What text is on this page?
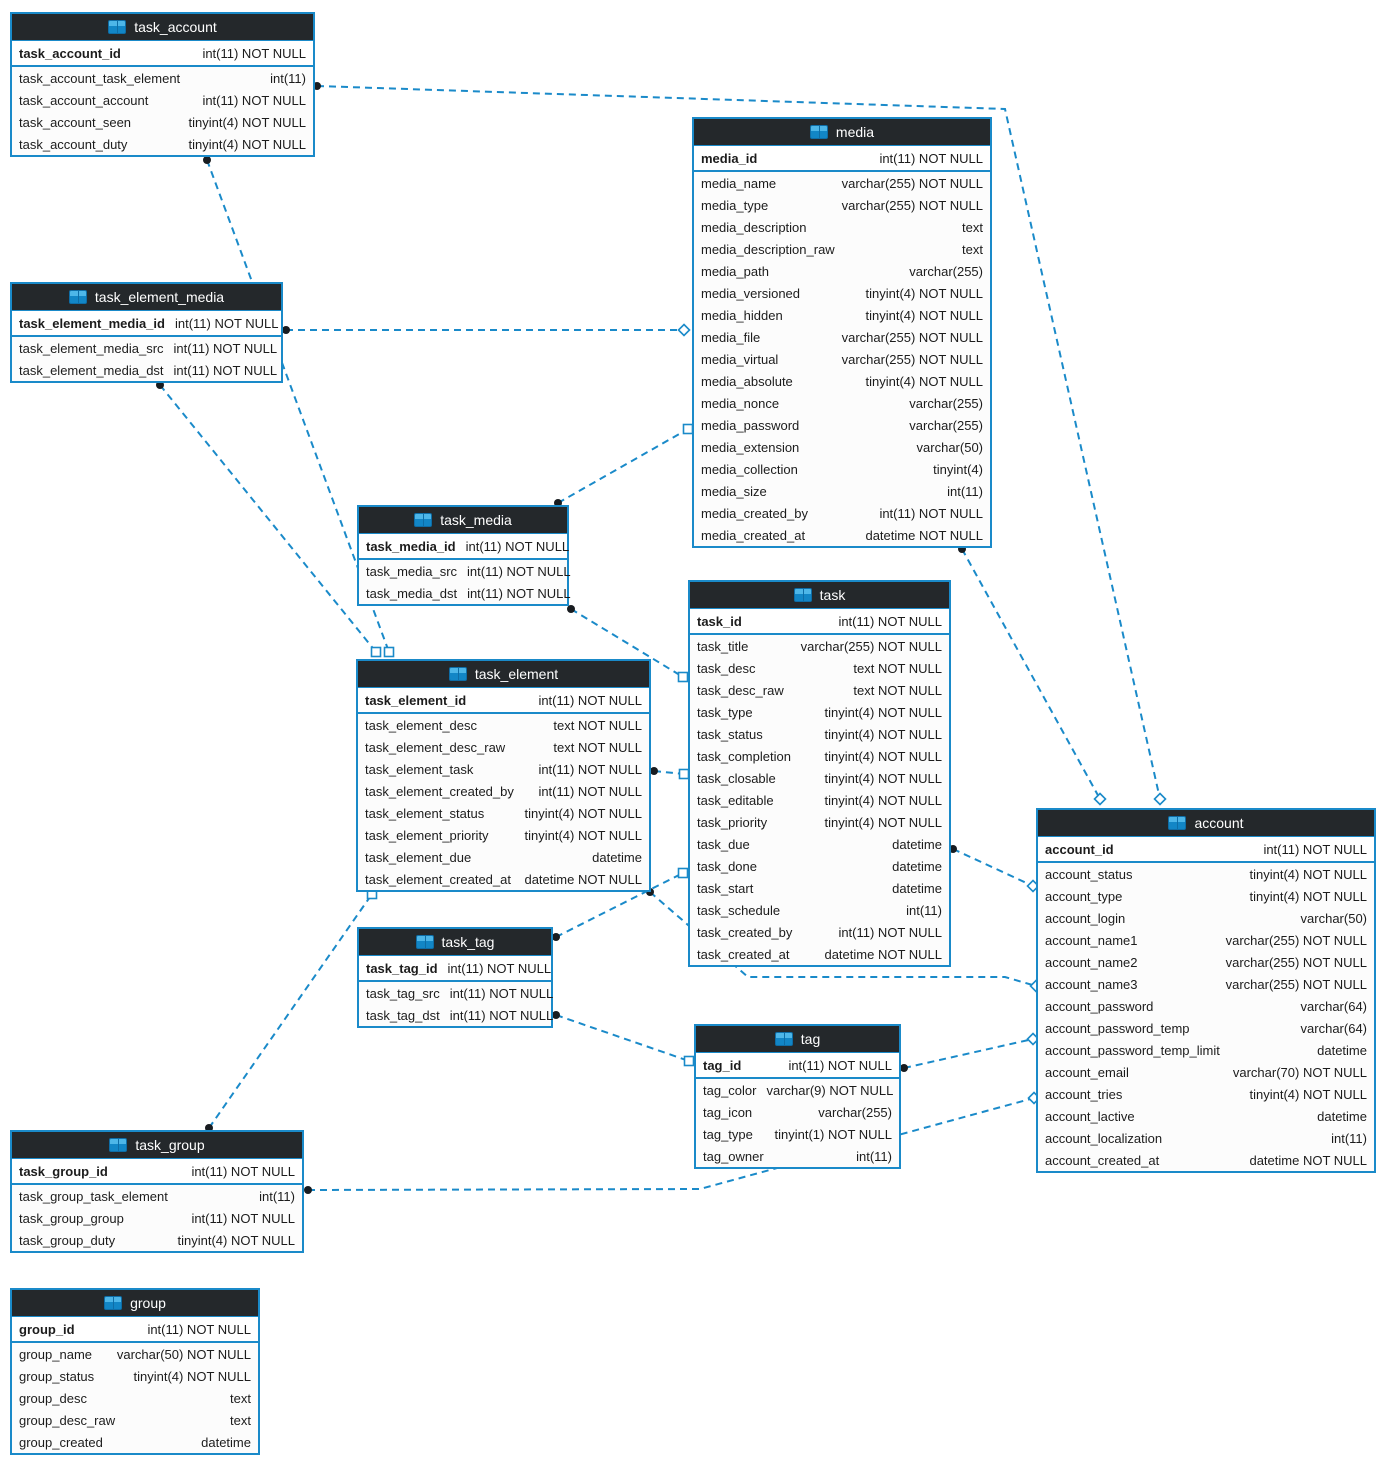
task_account
task_account_id	int(11) NOT NULL
task_account_task_element	int(11)
task_account_account	int(11) NOT NULL
task_account_seen	tinyint(4) NOT NULL
task_account_duty	tinyint(4) NOT NULL
task_element_media
task_element_media_id int(11) NOT NULL
task_element_media_src int(11) NOT NULL
task_element_media_dst int(11) NOT NULL
media
media_id	int(11) NOT NULL
media_name	varchar(255) NOT NULL
media_type	varchar(255) NOT NULL
media_description	text
media_description_raw	text
media_path	varchar(255)
media_versioned	tinyint(4) NOT NULL
media_hidden	tinyint(4) NOT NULL
media_file	varchar(255) NOT NULL
media_virtual	varchar(255) NOT NULL
media_absolute	tinyint(4) NOT NULL
media_nonce	varchar(255)
media_password	varchar(255)
media_extension	varchar(50)
media_collection	tinyint(4)
media_size	int(11)
media_created_by	int(11) NOT NULL
media_created_at	datetime NOT NULL
task_media
task_media_id int(11) NOT NULL
task_media_src int(11) NOT NULL
task_media_dst int(11) NOT NULL
task_element
task_element_id	int(11) NOT NULL
task_element_desc	text NOT NULL
task_element_desc_raw	text NOT NULL
task_element_task	int(11) NOT NULL
task_element_created_by	int(11) NOT NULL
task_element_status	tinyint(4) NOT NULL
task_element_priority	tinyint(4) NOT NULL
task_element_due	datetime
task_element_created_at datetime NOT NULL
task
task_id	int(11) NOT NULL
task_title	varchar(255) NOT NULL
task_desc	text NOT NULL
task_desc_raw	text NOT NULL
task_type	tinyint(4) NOT NULL
task_status	tinyint(4) NOT NULL
task_completion	tinyint(4) NOT NULL
task_closable	tinyint(4) NOT NULL
task_editable	tinyint(4) NOT NULL
task_priority	tinyint(4) NOT NULL
task_due	datetime
task_done	datetime
task_start	datetime
task_schedule	int(11)
task_created_by	int(11) NOT NULL
task_created_at	datetime NOT NULL
task_tag
task_tag_id int(11) NOT NULL
task_tag_src int(11) NOT NULL
task_tag_dst int(11) NOT NULL
tag
tag_id	int(11) NOT NULL
tag_color varchar(9) NOT NULL
tag_icon	varchar(255)
tag_type	tinyint(1) NOT NULL
tag_owner	int(11)
account
account_id	int(11) NOT NULL
account_status	tinyint(4) NOT NULL
account_type	tinyint(4) NOT NULL
account_login	varchar(50)
account_name1	varchar(255) NOT NULL
account_name2	varchar(255) NOT NULL
account_name3	varchar(255) NOT NULL
account_password	varchar(64)
account_password_temp	varchar(64)
account_password_temp_limit	datetime
account_email	varchar(70) NOT NULL
account_tries	tinyint(4) NOT NULL
account_lactive	datetime
account_localization	int(11)
account_created_at	datetime NOT NULL
task_group
task_group_id	int(11) NOT NULL
task_group_task_element	int(11)
task_group_group	int(11) NOT NULL
task_group_duty	tinyint(4) NOT NULL
group
group_id	int(11) NOT NULL
group_name	varchar(50) NOT NULL
group_status	tinyint(4) NOT NULL
group_desc	text
group_desc_raw	text
group_created	datetime
